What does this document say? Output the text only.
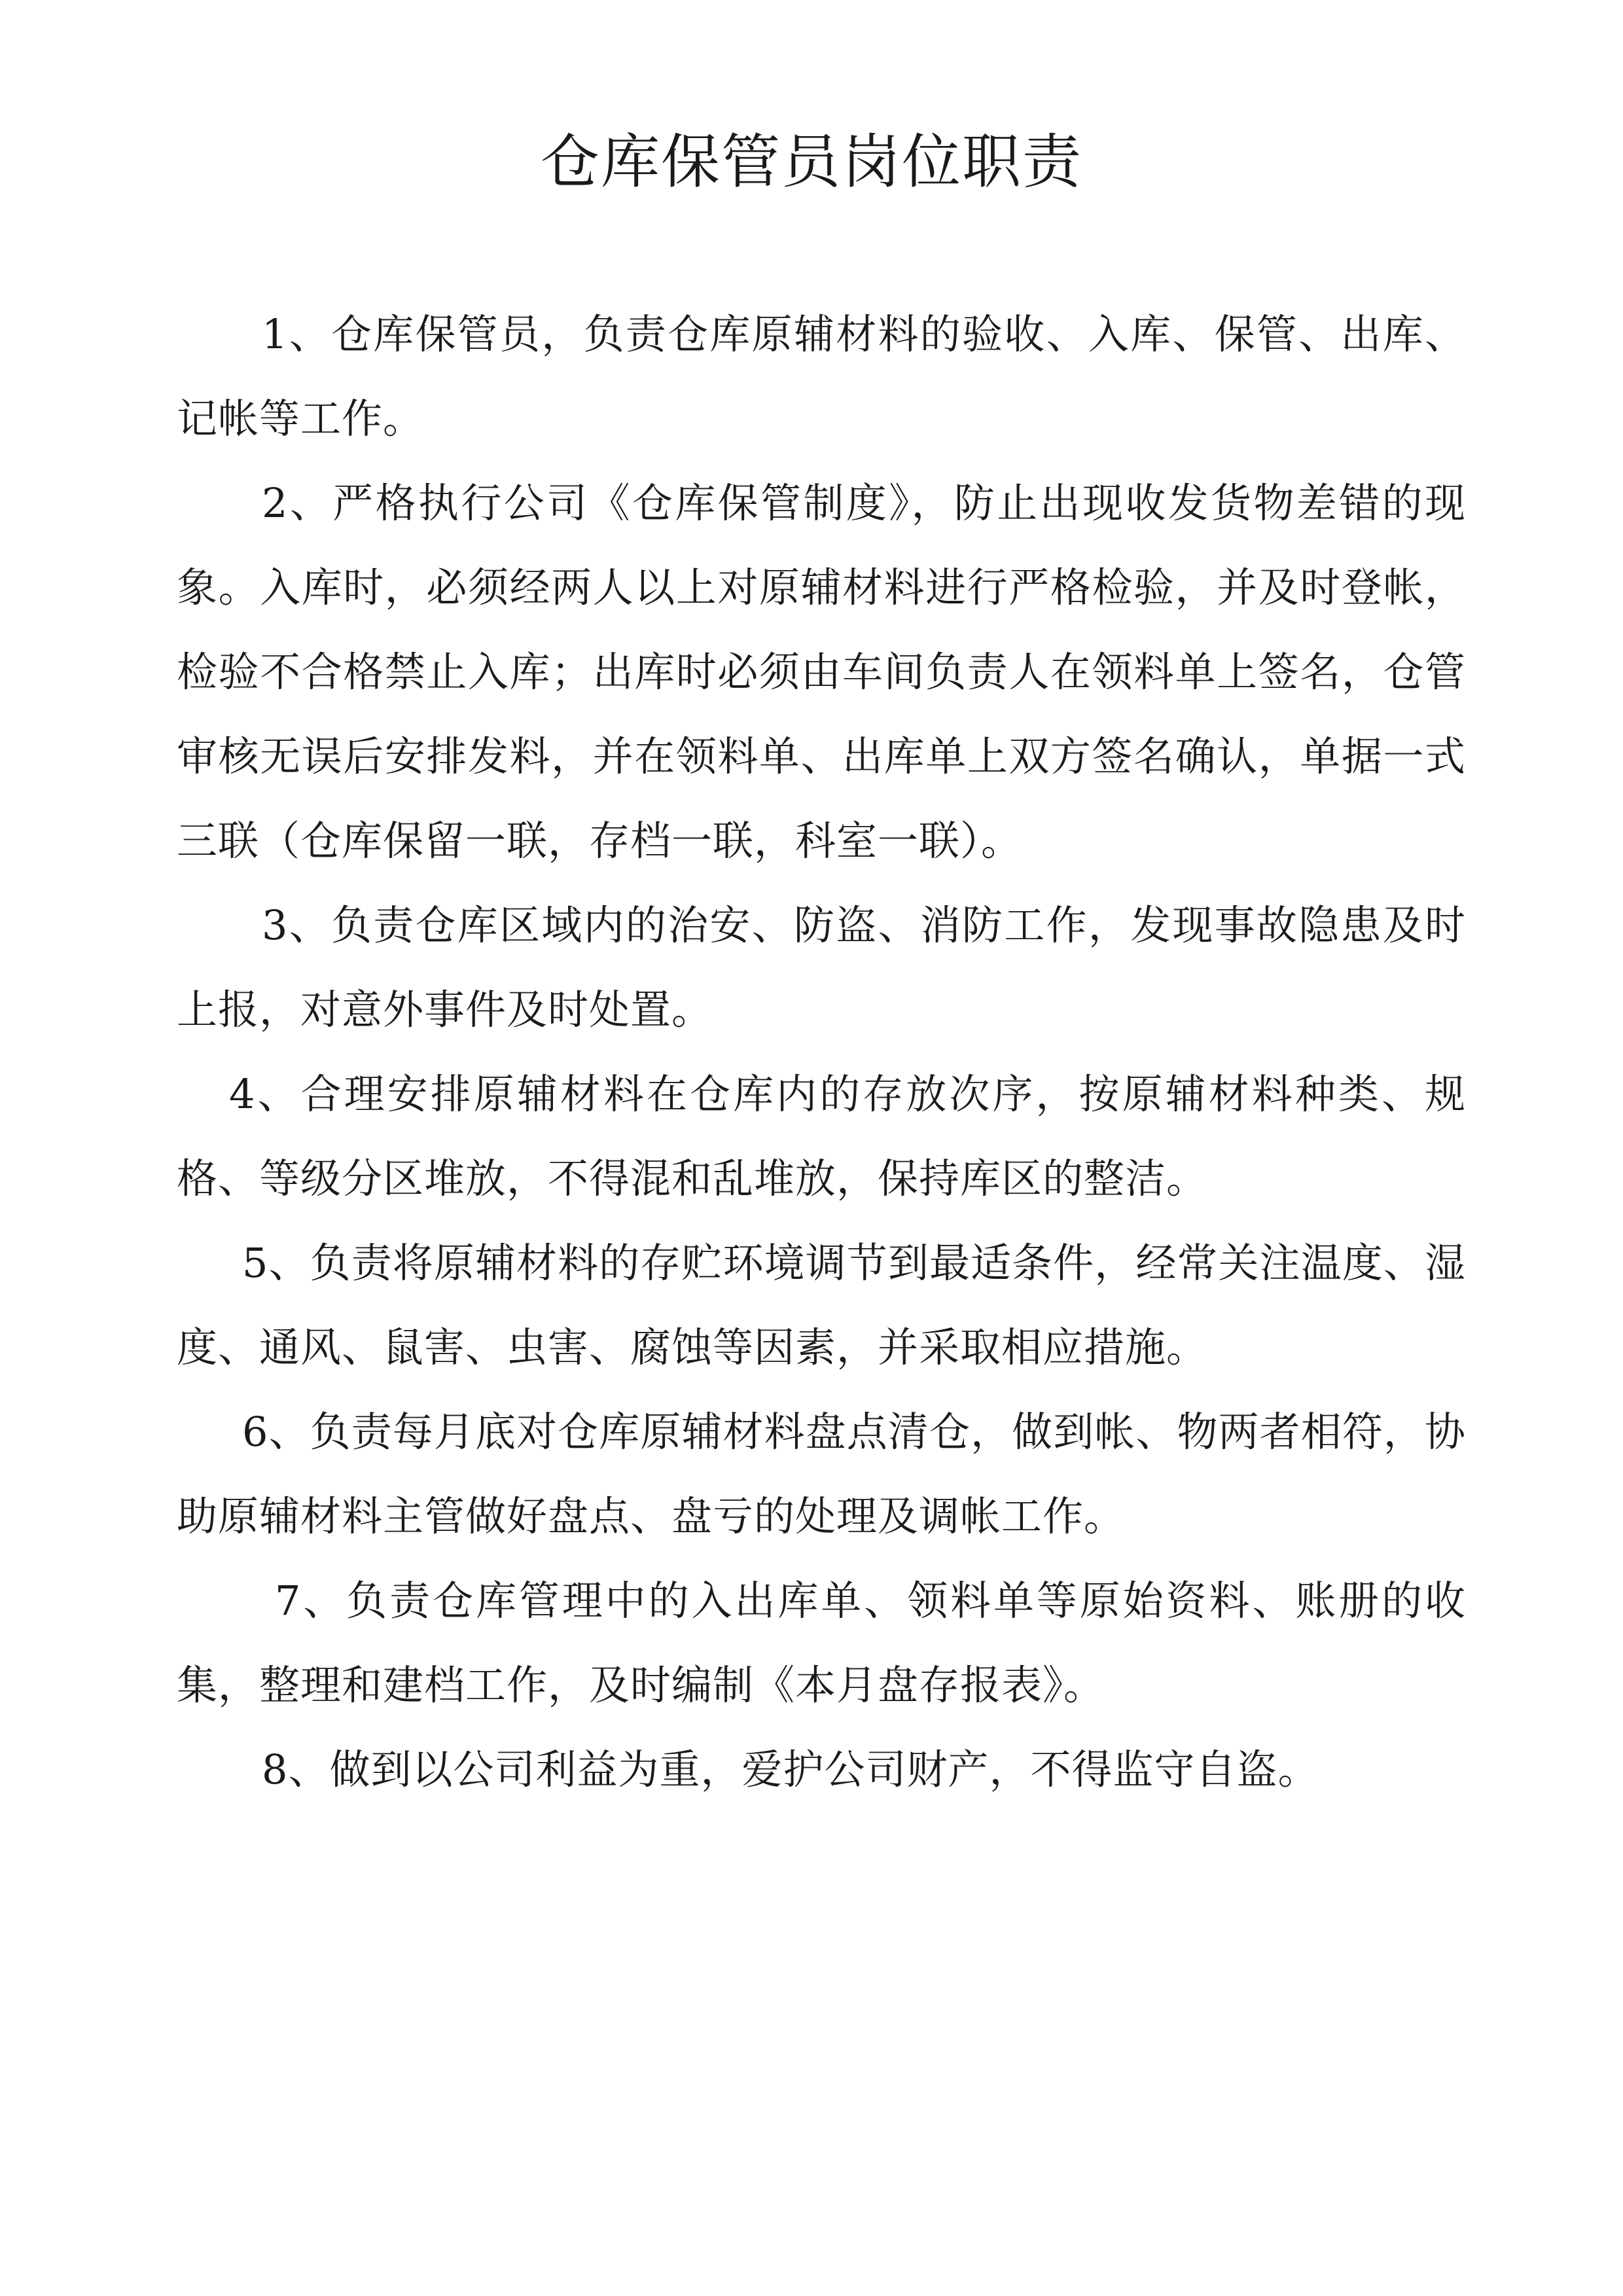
仓库保管员岗位职责

1、仓库保管员，负责仓库原辅材料的验收、入库、保管、出库、记帐等工作。

2、严格执行公司《仓库保管制度》，防止出现收发货物差错的现象。入库时，必须经两人以上对原辅材料进行严格检验，并及时登帐，检验不合格禁止入库；出库时必须由车间负责人在领料单上签名，仓管审核无误后安排发料，并在领料单、出库单上双方签名确认，单据一式三联（仓库保留一联，存档一联，科室一联）。

3、负责仓库区域内的治安、防盗、消防工作，发现事故隐患及时上报，对意外事件及时处置。

4、合理安排原辅材料在仓库内的存放次序，按原辅材料种类、规格、等级分区堆放，不得混和乱堆放，保持库区的整洁。

5、负责将原辅材料的存贮环境调节到最适条件，经常关注温度、湿度、通风、鼠害、虫害、腐蚀等因素，并采取相应措施。

6、负责每月底对仓库原辅材料盘点清仓，做到帐、物两者相符，协助原辅材料主管做好盘点、盘亏的处理及调帐工作。

7、负责仓库管理中的入出库单、领料单等原始资料、账册的收集，整理和建档工作，及时编制《本月盘存报表》。

8、做到以公司利益为重，爱护公司财产，不得监守自盗。
